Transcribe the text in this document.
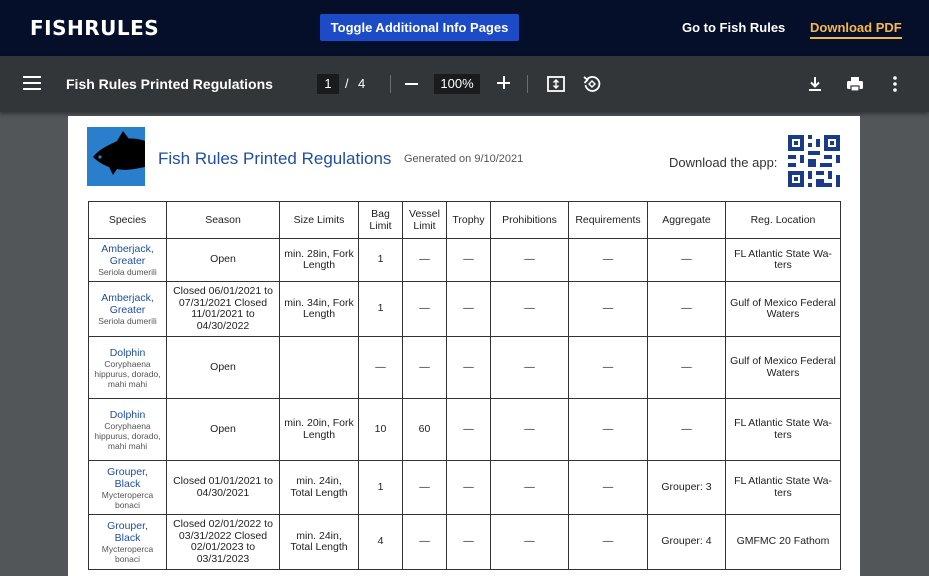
FISH RULES	Toggle Additional Info Pages	Go to Fish Rules Download PDF
Fish Rules Printed Regulations	1	/ 4	100%
Fish Rules Printed Regulations Generated on 9/10/2021	Download the app:
Species	Season	Size Limits	Bag Limit	Vessel Limit	Trophy	Prohibitions	Requirements	Aggregate	Reg. Location

Amberjack, Greater
Seriola dumerili	Open	min. 28in, Fork Length	1	—	—	—	—	—	FL Atlantic State Wa-ters

Amberjack, Greater
Seriola dumerili	Closed 06/01/2021 to 07/31/2021 Closed 11/01/2021 to 04/30/2022	min. 34in, Fork Length	1	—	—	—	—	—	Gulf of Mexico Federal Waters

Dolphin
Coryphaena hippurus, dorado, mahi mahi	Open		—	—	—	—	—	—	Gulf of Mexico Federal Waters

Dolphin
Coryphaena hippurus, dorado, mahi mahi	Open	min. 20in, Fork Length	10	60	—	—	—	—	FL Atlantic State Wa-ters

Grouper, Black
Mycteroperca bonaci	Closed 01/01/2021 to 04/30/2021	min. 24in, Total Length	1	—	—	—	—	Grouper: 3	FL Atlantic State Wa-ters

Grouper, Black
Mycteroperca bonaci	Closed 02/01/2022 to 03/31/2022 Closed 02/01/2023 to 03/31/2023	min. 24in, Total Length	4	—	—	—	—	Grouper: 4	GMFMC 20 Fathom
